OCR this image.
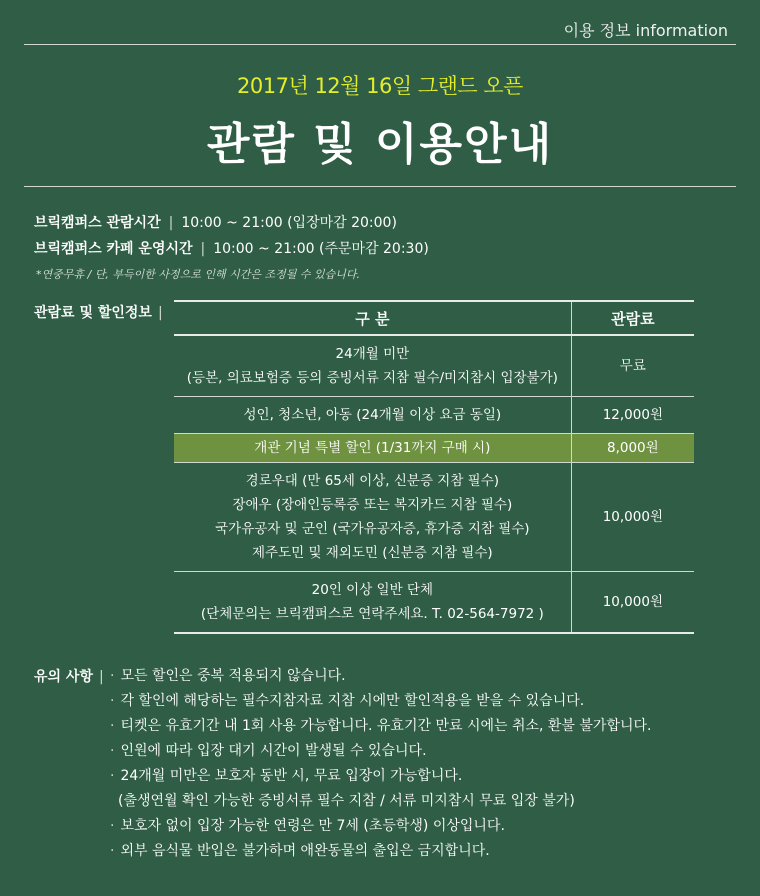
이용 정보 information
2017년 12월 16일 그랜드 오픈
관람 및 이용안내
브릭캠퍼스 관람시간 | 10:00 ~ 21:00 (입장마감 20:00)
브릭캠퍼스 카페 운영시간 | 10:00 ~ 21:00 (주문마감 20:30)
*연중무휴 / 단, 부득이한 사정으로 인해 시간은 조정될 수 있습니다.
관람료 및 할인정보 |	구 분	관람료

24개월 미만
(등본, 의료보험증 등의 증빙서류 지참 필수/미지참시 입장불가)	무료

성인, 청소년, 아동 (24개월 이상 요금 동일)	12,000원

개관 기념 특별 할인 (1/31까지 구매 시)	8,000원

경로우대 (만 65세 이상, 신분증 지참 필수)
장애우 (장애인등록증 또는 복지카드 지참 필수)
국가유공자 및 군인 (국가유공자증, 휴가증 지참 필수)
제주도민 및 재외도민 (신분증 지참 필수)	10,000원

20인 이상 일반 단체
(단체문의는 브릭캠퍼스로 연락주세요. T. 02-564-7972 )	10,000원
유의 사항 | · 모든 할인은 중복 적용되지 않습니다.
· 각 할인에 해당하는 필수지참자료 지참 시에만 할인적용을 받을 수 있습니다.
· 티켓은 유효기간 내 1회 사용 가능합니다. 유효기간 만료 시에는 취소, 환불 불가합니다.
· 인원에 따라 입장 대기 시간이 발생될 수 있습니다.
· 24개월 미만은 보호자 동반 시, 무료 입장이 가능합니다.
(출생연월 확인 가능한 증빙서류 필수 지참 / 서류 미지참시 무료 입장 불가)
· 보호자 없이 입장 가능한 연령은 만 7세 (초등학생) 이상입니다.
· 외부 음식물 반입은 불가하며 애완동물의 출입은 금지합니다.
